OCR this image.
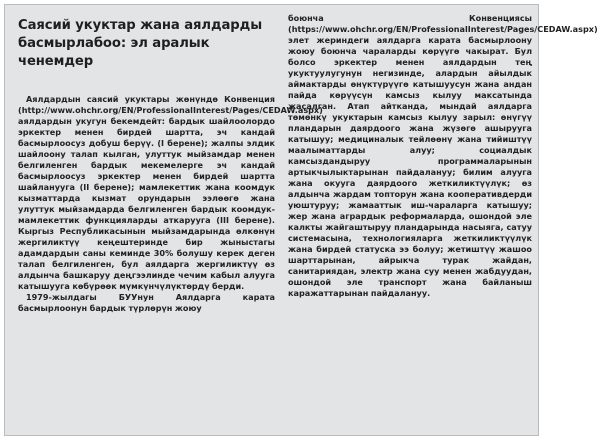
Саясий укуктар жана аялдарды басмырлабоо: эл аралык ченемдер

Аялдардын саясий укуктары жөнүндө Конвенция (http://www.ohchr.org/EN/ProfessionalInterest/Pages/CEDAW.aspx) аялдардын укугун бекемдейт: бардык шайлоолордо эркектер менен бирдей шартта, эч кандай басмырлоосуз добуш берүү. (I берене); жалпы элдик шайлоону талап кылган, улуттук мыйзамдар менен белгиленген бардык мекемелерге эч кандай басмырлоосуз эркектер менен бирдей шартта шайланууга (II берене); мамлекеттик жана коомдук кызматтарда кызмат орундарын ээлөөгө жана улуттук мыйзамдарда белгиленген бардык коомдук-мамлекеттик функцияларды аткарууга (III берене). Кыргыз Республикасынын мыйзамдарында өлкөнүн жергиликтүү кеңештеринде бир жыныстагы адамдардын саны кеминде 30% болушу керек деген талап белгиленген, бул аялдарга жергиликтүү өз алдынча башкаруу деңгээлинде чечим кабыл алууга катышууга көбүрөөк мүмкүнчүлүктөрдү берди.

1979-жылдагы БУУнун Аялдарга карата басмырлоонун бардык түрлөрүн жоюу

боюнча Конвенциясы (https://www.ohchr.org/EN/ProfessionalInterest/Pages/CEDAW.aspx) элет жериндеги аялдарга карата басмырлоону жоюу боюнча чараларды көрүүгө чакырат. Бул болсо эркектер менен аялдардын тең укуктуулугунун негизинде, алардын айылдык аймактарды өнүктүрүүгө катышуусун жана андан пайда көрүүсүн камсыз кылуу максатында жасалган. Атап айтканда, мындай аялдарга төмөнкү укуктарын камсыз кылуу зарыл: өнүгүү пландарын даярдоого жана жүзөгө ашырууга катышуу; медициналык тейлөөнү жана тийиштүү маалыматтарды алуу; социалдык камсыздандыруу программаларынын артыкчылыктарынан пайдалануу; билим алууга жана окууга даярдоого жеткиликтүүлүк; өз алдынча жардам топторун жана кооперативдерди уюштуруу; жамааттык иш-чараларга катышуу; жер жана агрардык реформаларда, ошондой эле калкты жайгаштыруу пландарында насыяга, сатуу системасына, технологияларга жеткиликтүүлүк жана бирдей статуска ээ болуу; жетиштүү жашоо шарттарынан, айрыкча турак жайдан, санитариядан, электр жана суу менен жабдуудан, ошондой эле транспорт жана байланыш каражаттарынан пайдалануу.
